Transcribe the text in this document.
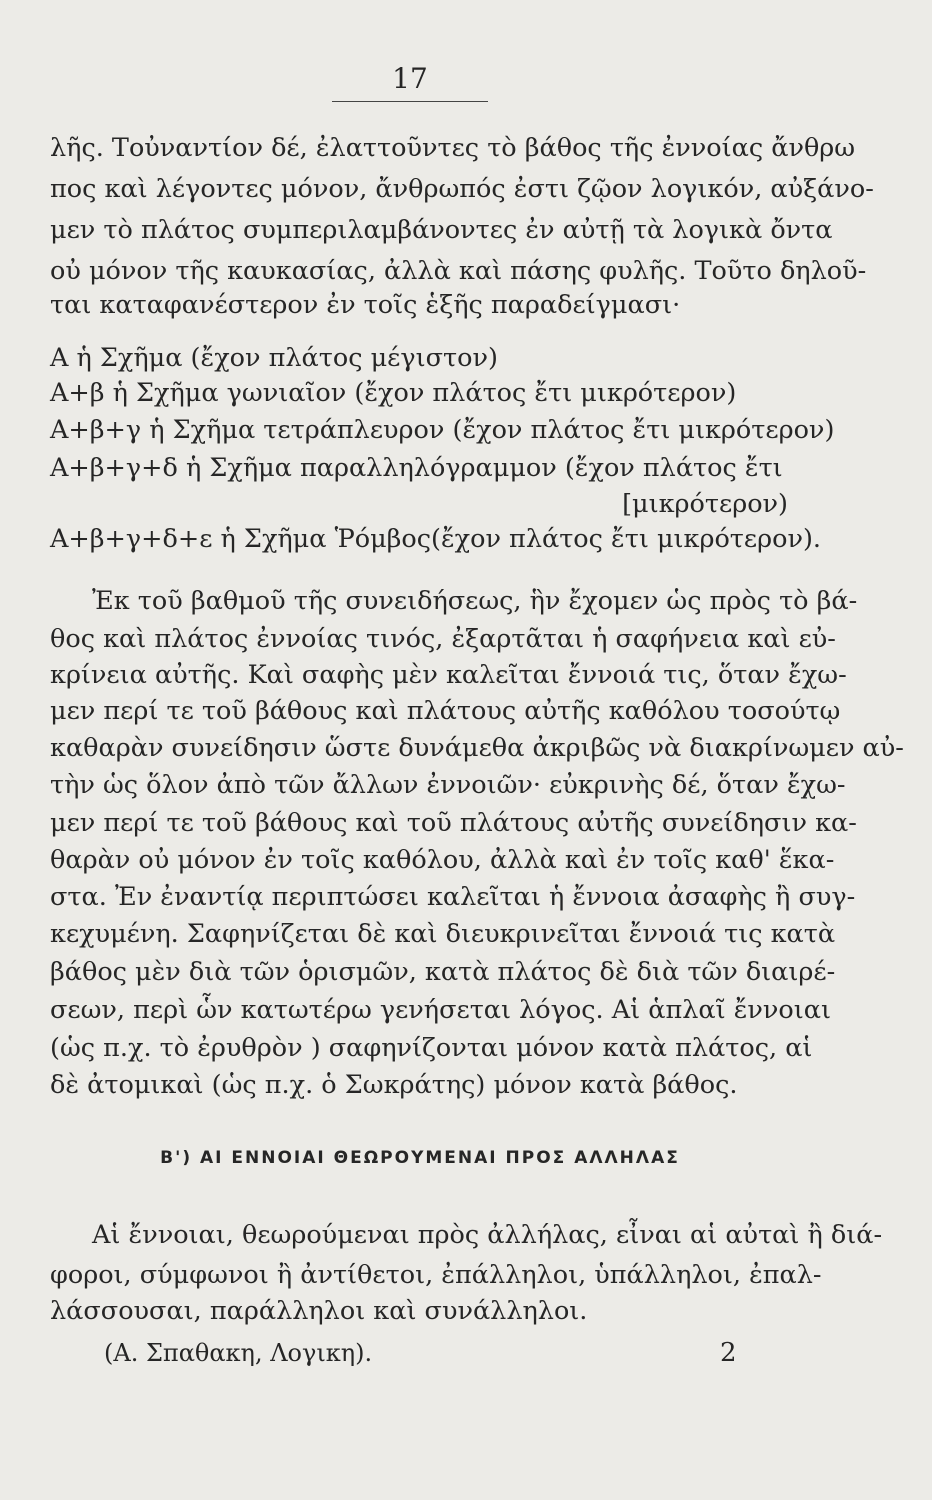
17
λῆς. Τοὐναντίον δέ, ἐλαττοῦντες τὸ βάθος τῆς ἐννοίας ἄνθρω
πος καὶ λέγοντες μόνον, ἄνθρωπός ἐστι ζῷον λογικόν, αὐξάνο-
μεν τὸ πλάτος συμπεριλαμβάνοντες ἐν αὐτῇ τὰ λογικὰ ὄντα
οὐ μόνον τῆς καυκασίας, ἀλλὰ καὶ πάσης φυλῆς. Τοῦτο δηλοῦ-
ται καταφανέστερον ἐν τοῖς ἑξῆς παραδείγμασι·
Α ἡ Σχῆμα (ἔχον πλάτος μέγιστον)
Α+β ἡ Σχῆμα γωνιαῖον (ἔχον πλάτος ἔτι μικρότερον)
Α+β+γ ἡ Σχῆμα τετράπλευρον (ἔχον πλάτος ἔτι μικρότερον)
Α+β+γ+δ ἡ Σχῆμα παραλληλόγραμμον (ἔχον πλάτος ἔτι
[μικρότερον)
Α+β+γ+δ+ε ἡ Σχῆμα Ῥόμβος(ἔχον πλάτος ἔτι μικρότερον).
Ἐκ τοῦ βαθμοῦ τῆς συνειδήσεως, ἣν ἔχομεν ὡς πρὸς τὸ βά-
θος καὶ πλάτος ἐννοίας τινός, ἐξαρτᾶται ἡ σαφήνεια καὶ εὐ-
κρίνεια αὐτῆς. Καὶ σαφὴς μὲν καλεῖται ἔννοιά τις, ὅταν ἔχω-
μεν περί τε τοῦ βάθους καὶ πλάτους αὐτῆς καθόλου τοσούτῳ
καθαρὰν συνείδησιν ὥστε δυνάμεθα ἀκριβῶς νὰ διακρίνωμεν αὐ-
τὴν ὡς ὅλον ἀπὸ τῶν ἄλλων ἐννοιῶν· εὐκρινὴς δέ, ὅταν ἔχω-
μεν περί τε τοῦ βάθους καὶ τοῦ πλάτους αὐτῆς συνείδησιν κα-
θαρὰν οὐ μόνον ἐν τοῖς καθόλου, ἀλλὰ καὶ ἐν τοῖς καθ' ἕκα-
στα. Ἐν ἐναντίᾳ περιπτώσει καλεῖται ἡ ἔννοια ἀσαφὴς ἢ συγ-
κεχυμένη. Σαφηνίζεται δὲ καὶ διευκρινεῖται ἔννοιά τις κατὰ
βάθος μὲν διὰ τῶν ὁρισμῶν, κατὰ πλάτος δὲ διὰ τῶν διαιρέ-
σεων, περὶ ὧν κατωτέρω γενήσεται λόγος. Αἱ ἁπλαῖ ἔννοιαι
(ὡς π.χ. τὸ ἐρυθρὸν ) σαφηνίζονται μόνον κατὰ πλάτος, αἱ
δὲ ἀτομικαὶ (ὡς π.χ. ὁ Σωκράτης) μόνον κατὰ βάθος.
Β') ΑΙ ΕΝΝΟΙΑΙ ΘΕΩΡΟΥΜΕΝΑΙ ΠΡΟΣ ΑΛΛΗΛΑΣ
Αἱ ἔννοιαι, θεωρούμεναι πρὸς ἀλλήλας, εἶναι αἱ αὐταὶ ἢ διά-
φοροι, σύμφωνοι ἢ ἀντίθετοι, ἐπάλληλοι, ὑπάλληλοι, ἐπαλ-
λάσσουσαι, παράλληλοι καὶ συνάλληλοι.
(Α. Σπαθακη, Λογικη).	2
